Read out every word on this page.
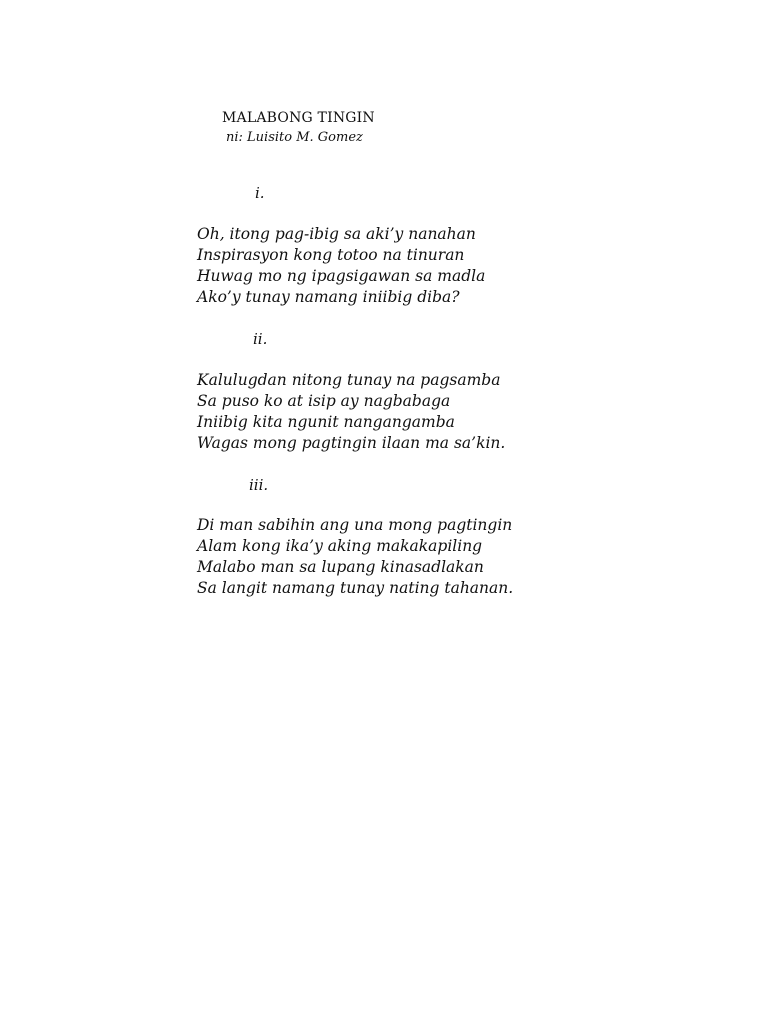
MALABONG TINGIN
ni: Luisito M. Gomez
i.
Oh, itong pag-ibig sa aki’y nanahan
Inspirasyon kong totoo na tinuran
Huwag mo ng ipagsigawan sa madla
Ako’y tunay namang iniibig diba?
ii.
Kalulugdan nitong tunay na pagsamba
Sa puso ko at isip ay nagbabaga
Iniibig kita ngunit nangangamba
Wagas mong pagtingin ilaan ma sa’kin.
iii.
Di man sabihin ang una mong pagtingin
Alam kong ika’y aking makakapiling
Malabo man sa lupang kinasadlakan
Sa langit namang tunay nating tahanan.
